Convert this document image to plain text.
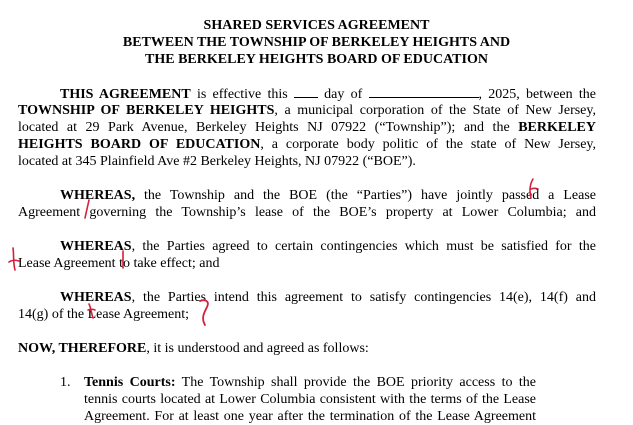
SHARED SERVICES AGREEMENT
BETWEEN THE TOWNSHIP OF BERKELEY HEIGHTS AND
THE BERKELEY HEIGHTS BOARD OF EDUCATION
THIS AGREEMENT is effective this  day of	, 2025, between the
TOWNSHIP OF BERKELEY HEIGHTS, a municipal corporation of the State of New Jersey,
located at 29 Park Avenue, Berkeley Heights NJ 07922 (“Township”); and the BERKELEY
HEIGHTS BOARD OF EDUCATION, a corporate body politic of the state of New Jersey,
located at 345 Plainfield Ave #2 Berkeley Heights, NJ 07922 (“BOE”).
WHEREAS, the Township and the BOE (the “Parties”) have jointly passed a Lease
Agreement governing the Township’s lease of the BOE’s property at Lower Columbia; and
WHEREAS, the Parties agreed to certain contingencies which must be satisfied for the
Lease Agreement to take effect; and
WHEREAS, the Parties intend this agreement to satisfy contingencies 14(e), 14(f) and
14(g) of the Lease Agreement;
NOW, THEREFORE, it is understood and agreed as follows:
1. Tennis Courts: The Township shall provide the BOE priority access to the
tennis courts located at Lower Columbia consistent with the terms of the Lease
Agreement. For at least one year after the termination of the Lease Agreement
